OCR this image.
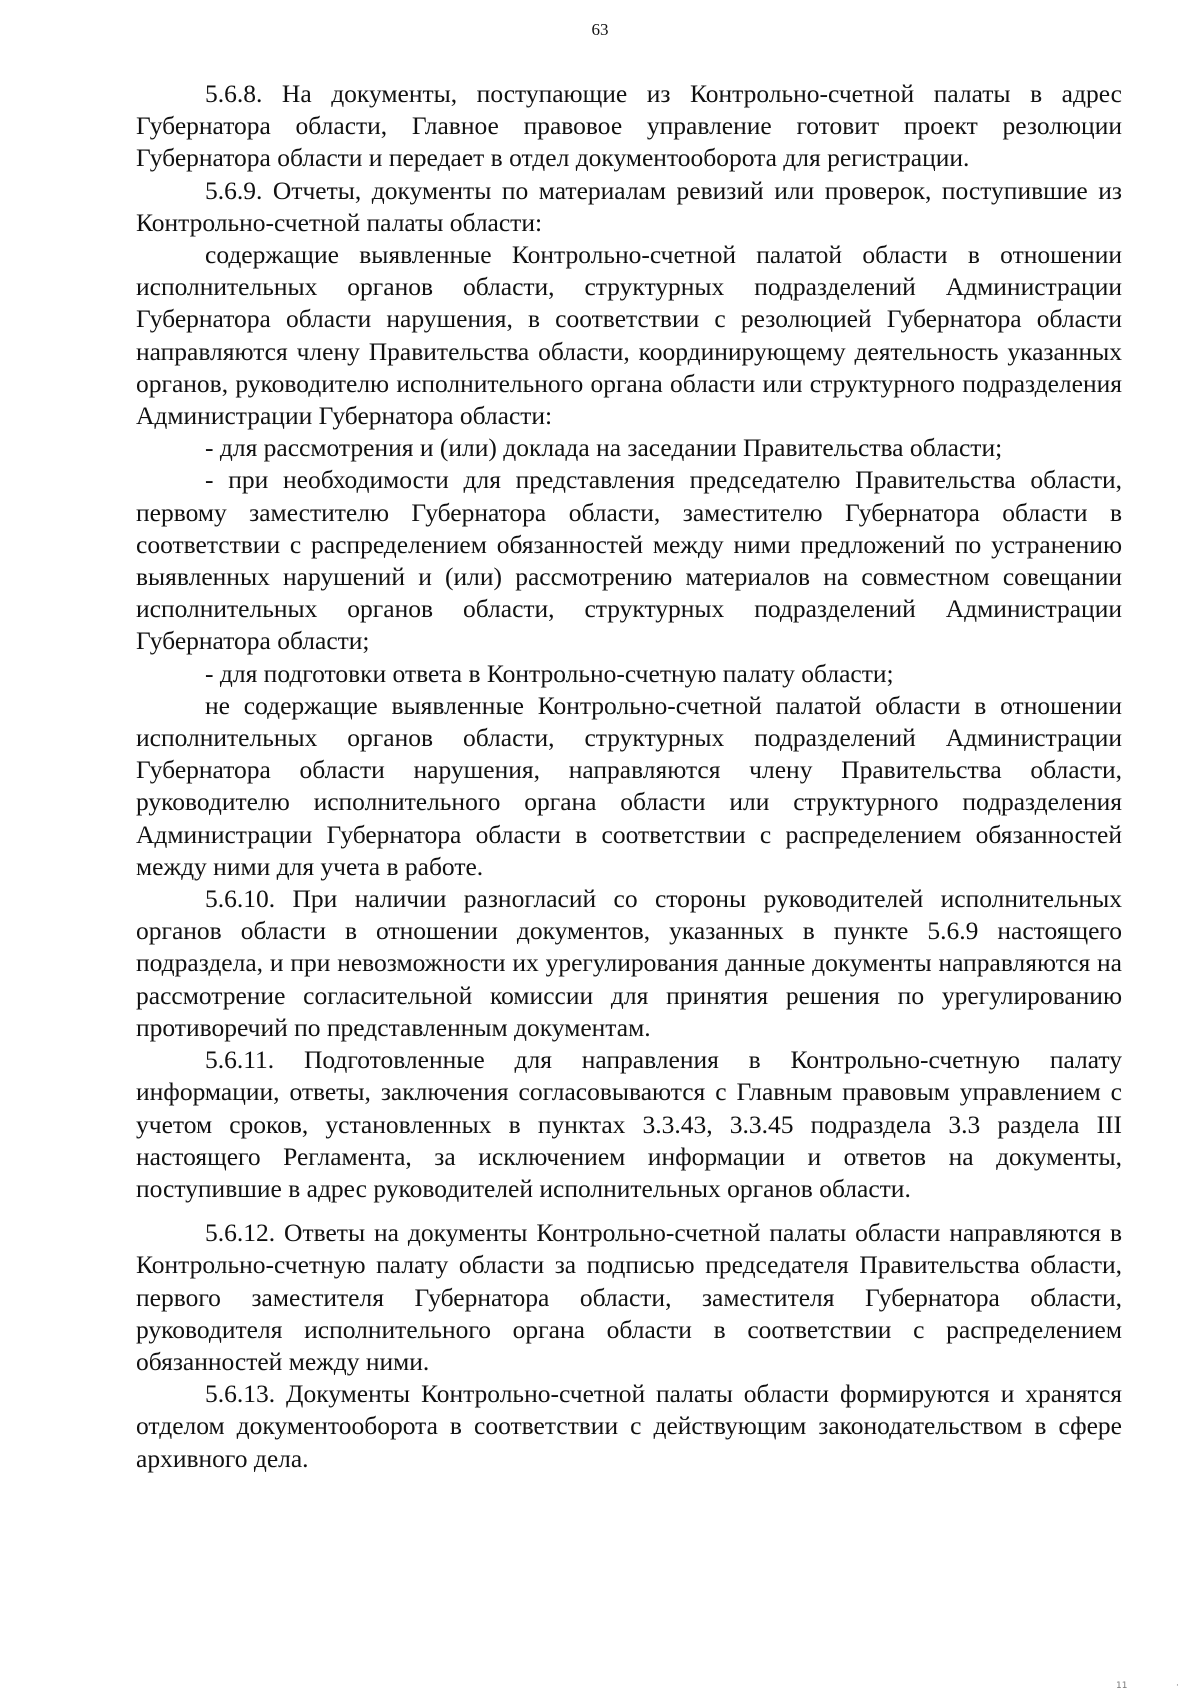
63

5.6.8. На документы, поступающие из Контрольно-счетной палаты в адрес Губернатора области, Главное правовое управление готовит проект резолюции Губернатора области и передает в отдел документооборота для регистрации.

5.6.9. Отчеты, документы по материалам ревизий или проверок, поступившие из Контрольно-счетной палаты области:

содержащие выявленные Контрольно-счетной палатой области в отношении исполнительных органов области, структурных подразделений Администрации Губернатора области нарушения, в соответствии с резолюцией Губернатора области направляются члену Правительства области, координирующему деятельность указанных органов, руководителю исполнительного органа области или структурного подразделения Администрации Губернатора области:

- для рассмотрения и (или) доклада на заседании Правительства области;

- при необходимости для представления председателю Правительства области, первому заместителю Губернатора области, заместителю Губернатора области в соответствии с распределением обязанностей между ними предложений по устранению выявленных нарушений и (или) рассмотрению материалов на совместном совещании исполнительных органов области, структурных подразделений Администрации Губернатора области;

- для подготовки ответа в Контрольно-счетную палату области;

не содержащие выявленные Контрольно-счетной палатой области в отношении исполнительных органов области, структурных подразделений Администрации Губернатора области нарушения, направляются члену Правительства области, руководителю исполнительного органа области или структурного подразделения Администрации Губернатора области в соответствии с распределением обязанностей между ними для учета в работе.

5.6.10. При наличии разногласий со стороны руководителей исполнительных органов области в отношении документов, указанных в пункте 5.6.9 настоящего подраздела, и при невозможности их урегулирования данные документы направляются на рассмотрение согласительной комиссии для принятия решения по урегулированию противоречий по представленным документам.

5.6.11. Подготовленные для направления в Контрольно-счетную палату информации, ответы, заключения согласовываются с Главным правовым управлением с учетом сроков, установленных в пунктах 3.3.43, 3.3.45 подраздела 3.3 раздела III настоящего Регламента, за исключением информации и ответов на документы, поступившие в адрес руководителей исполнительных органов области.

5.6.12. Ответы на документы Контрольно-счетной палаты области направляются в Контрольно-счетную палату области за подписью председателя Правительства области, первого заместителя Губернатора области, заместителя Губернатора области, руководителя исполнительного органа области в соответствии с распределением обязанностей между ними.

5.6.13. Документы Контрольно-счетной палаты области формируются и хранятся отделом документооборота в соответствии с действующим законодательством в сфере архивного дела.

11	·
